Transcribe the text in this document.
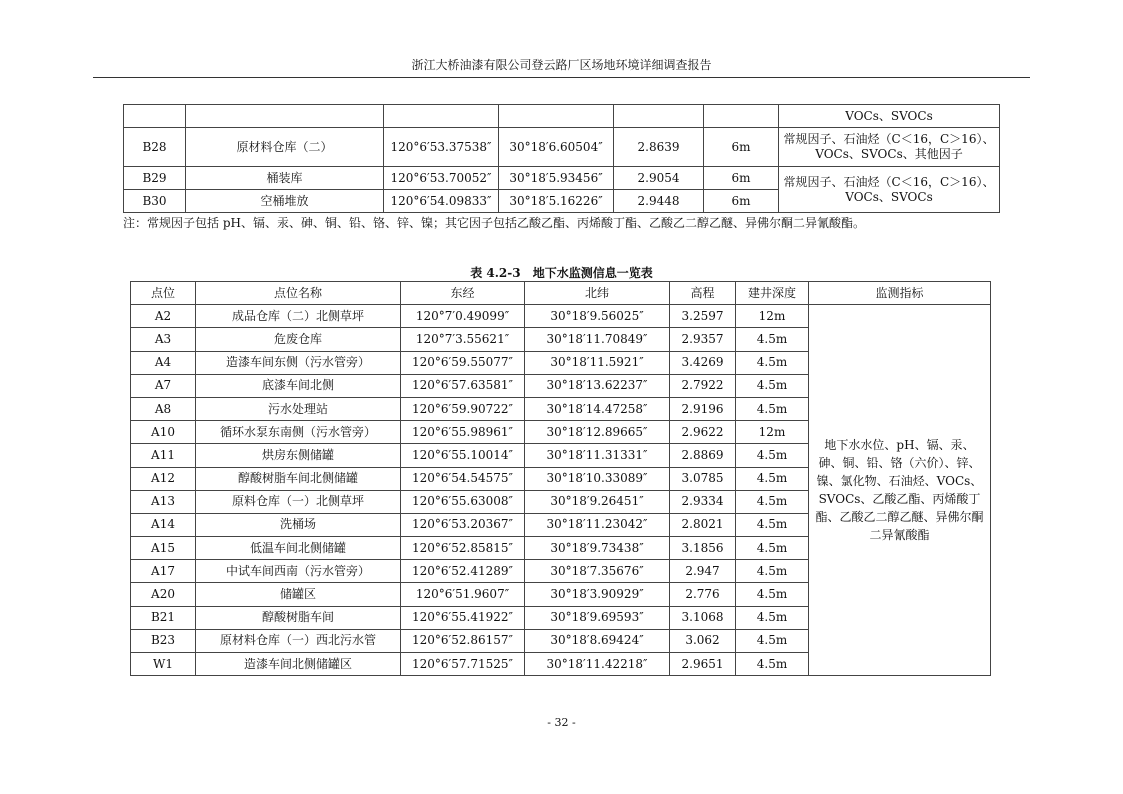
浙江大桥油漆有限公司登云路厂区场地环境详细调查报告
						VOCs、SVOCs
B28	原材料仓库（二）	120°6′53.37538″	30°18′6.60504″	2.8639	6m	常规因子、石油烃（C＜16，C＞16）、VOCs、SVOCs、其他因子
B29	桶装库	120°6′53.70052″	30°18′5.93456″	2.9054	6m	常规因子、石油烃（C＜16，C＞16）、VOCs、SVOCs
B30	空桶堆放	120°6′54.09833″	30°18′5.16226″	2.9448	6m	
注：常规因子包括 pH、镉、汞、砷、铜、铅、铬、锌、镍；其它因子包括乙酸乙酯、丙烯酸丁酯、乙酸乙二醇乙醚、异佛尔酮二异氰酸酯。
表 4.2-3 地下水监测信息一览表
点位	点位名称	东经	北纬	高程	建井深度	监测指标
A2	成品仓库（二）北侧草坪	120°7′0.49099″	30°18′9.56025″	3.2597	12m	地下水水位、pH、镉、汞、砷、铜、铅、铬（六价）、锌、镍、氯化物、石油烃、VOCs、SVOCs、乙酸乙酯、丙烯酸丁酯、乙酸乙二醇乙醚、异佛尔酮二异氰酸酯
A3	危废仓库	120°7′3.55621″	30°18′11.70849″	2.9357	4.5m	
A4	造漆车间东侧（污水管旁）	120°6′59.55077″	30°18′11.5921″	3.4269	4.5m	
A7	底漆车间北侧	120°6′57.63581″	30°18′13.62237″	2.7922	4.5m	
A8	污水处理站	120°6′59.90722″	30°18′14.47258″	2.9196	4.5m	
A10	循环水泵东南侧（污水管旁）	120°6′55.98961″	30°18′12.89665″	2.9622	12m	
A11	烘房东侧储罐	120°6′55.10014″	30°18′11.31331″	2.8869	4.5m	
A12	醇酸树脂车间北侧储罐	120°6′54.54575″	30°18′10.33089″	3.0785	4.5m	
A13	原料仓库（一）北侧草坪	120°6′55.63008″	30°18′9.26451″	2.9334	4.5m	
A14	洗桶场	120°6′53.20367″	30°18′11.23042″	2.8021	4.5m	
A15	低温车间北侧储罐	120°6′52.85815″	30°18′9.73438″	3.1856	4.5m	
A17	中试车间西南（污水管旁）	120°6′52.41289″	30°18′7.35676″	2.947	4.5m	
A20	储罐区	120°6′51.9607″	30°18′3.90929″	2.776	4.5m	
B21	醇酸树脂车间	120°6′55.41922″	30°18′9.69593″	3.1068	4.5m	
B23	原材料仓库（一）西北污水管	120°6′52.86157″	30°18′8.69424″	3.062	4.5m	
W1	造漆车间北侧储罐区	120°6′57.71525″	30°18′11.42218″	2.9651	4.5m	
- 32 -
